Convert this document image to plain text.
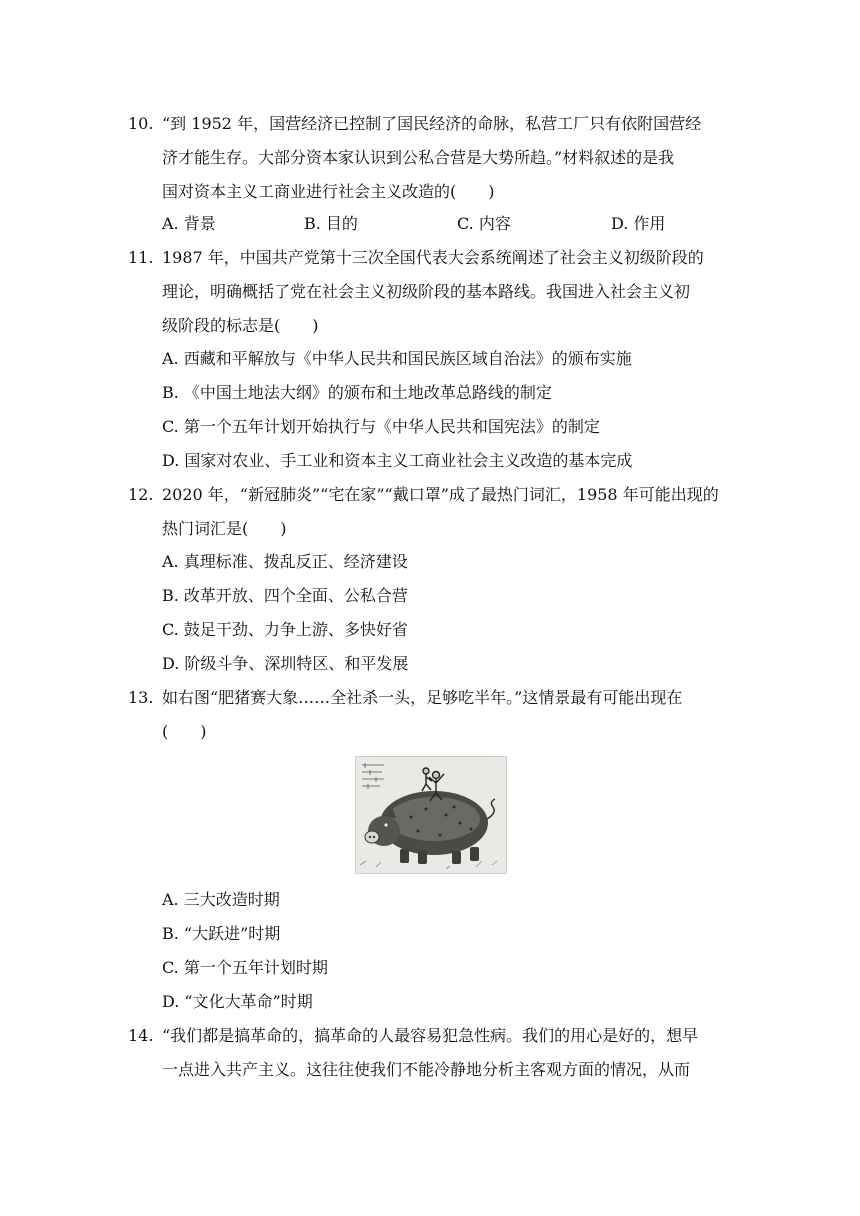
10. “到 1952 年，国营经济已控制了国民经济的命脉，私营工厂只有依附国营经
济才能生存。大部分资本家认识到公私合营是大势所趋。”材料叙述的是我
国对资本主义工商业进行社会主义改造的(　　)
A. 背景	B. 目的	C. 内容	D. 作用
11. 1987 年，中国共产党第十三次全国代表大会系统阐述了社会主义初级阶段的
理论，明确概括了党在社会主义初级阶段的基本路线。我国进入社会主义初
级阶段的标志是(　　)
A. 西藏和平解放与《中华人民共和国民族区域自治法》的颁布实施
B. 《中国土地法大纲》的颁布和土地改革总路线的制定
C. 第一个五年计划开始执行与《中华人民共和国宪法》的制定
D. 国家对农业、手工业和资本主义工商业社会主义改造的基本完成
12. 2020 年，“新冠肺炎”“宅在家”“戴口罩”成了最热门词汇，1958 年可能出现的
热门词汇是(　　)
A. 真理标准、拨乱反正、经济建设
B. 改革开放、四个全面、公私合营
C. 鼓足干劲、力争上游、多快好省
D. 阶级斗争、深圳特区、和平发展
13. 如右图“肥猪赛大象……全社杀一头，足够吃半年。”这情景最有可能出现在
(　　)
A. 三大改造时期
B. “大跃进”时期
C. 第一个五年计划时期
D. “文化大革命”时期
14. “我们都是搞革命的，搞革命的人最容易犯急性病。我们的用心是好的，想早
一点进入共产主义。这往往使我们不能冷静地分析主客观方面的情况，从而
